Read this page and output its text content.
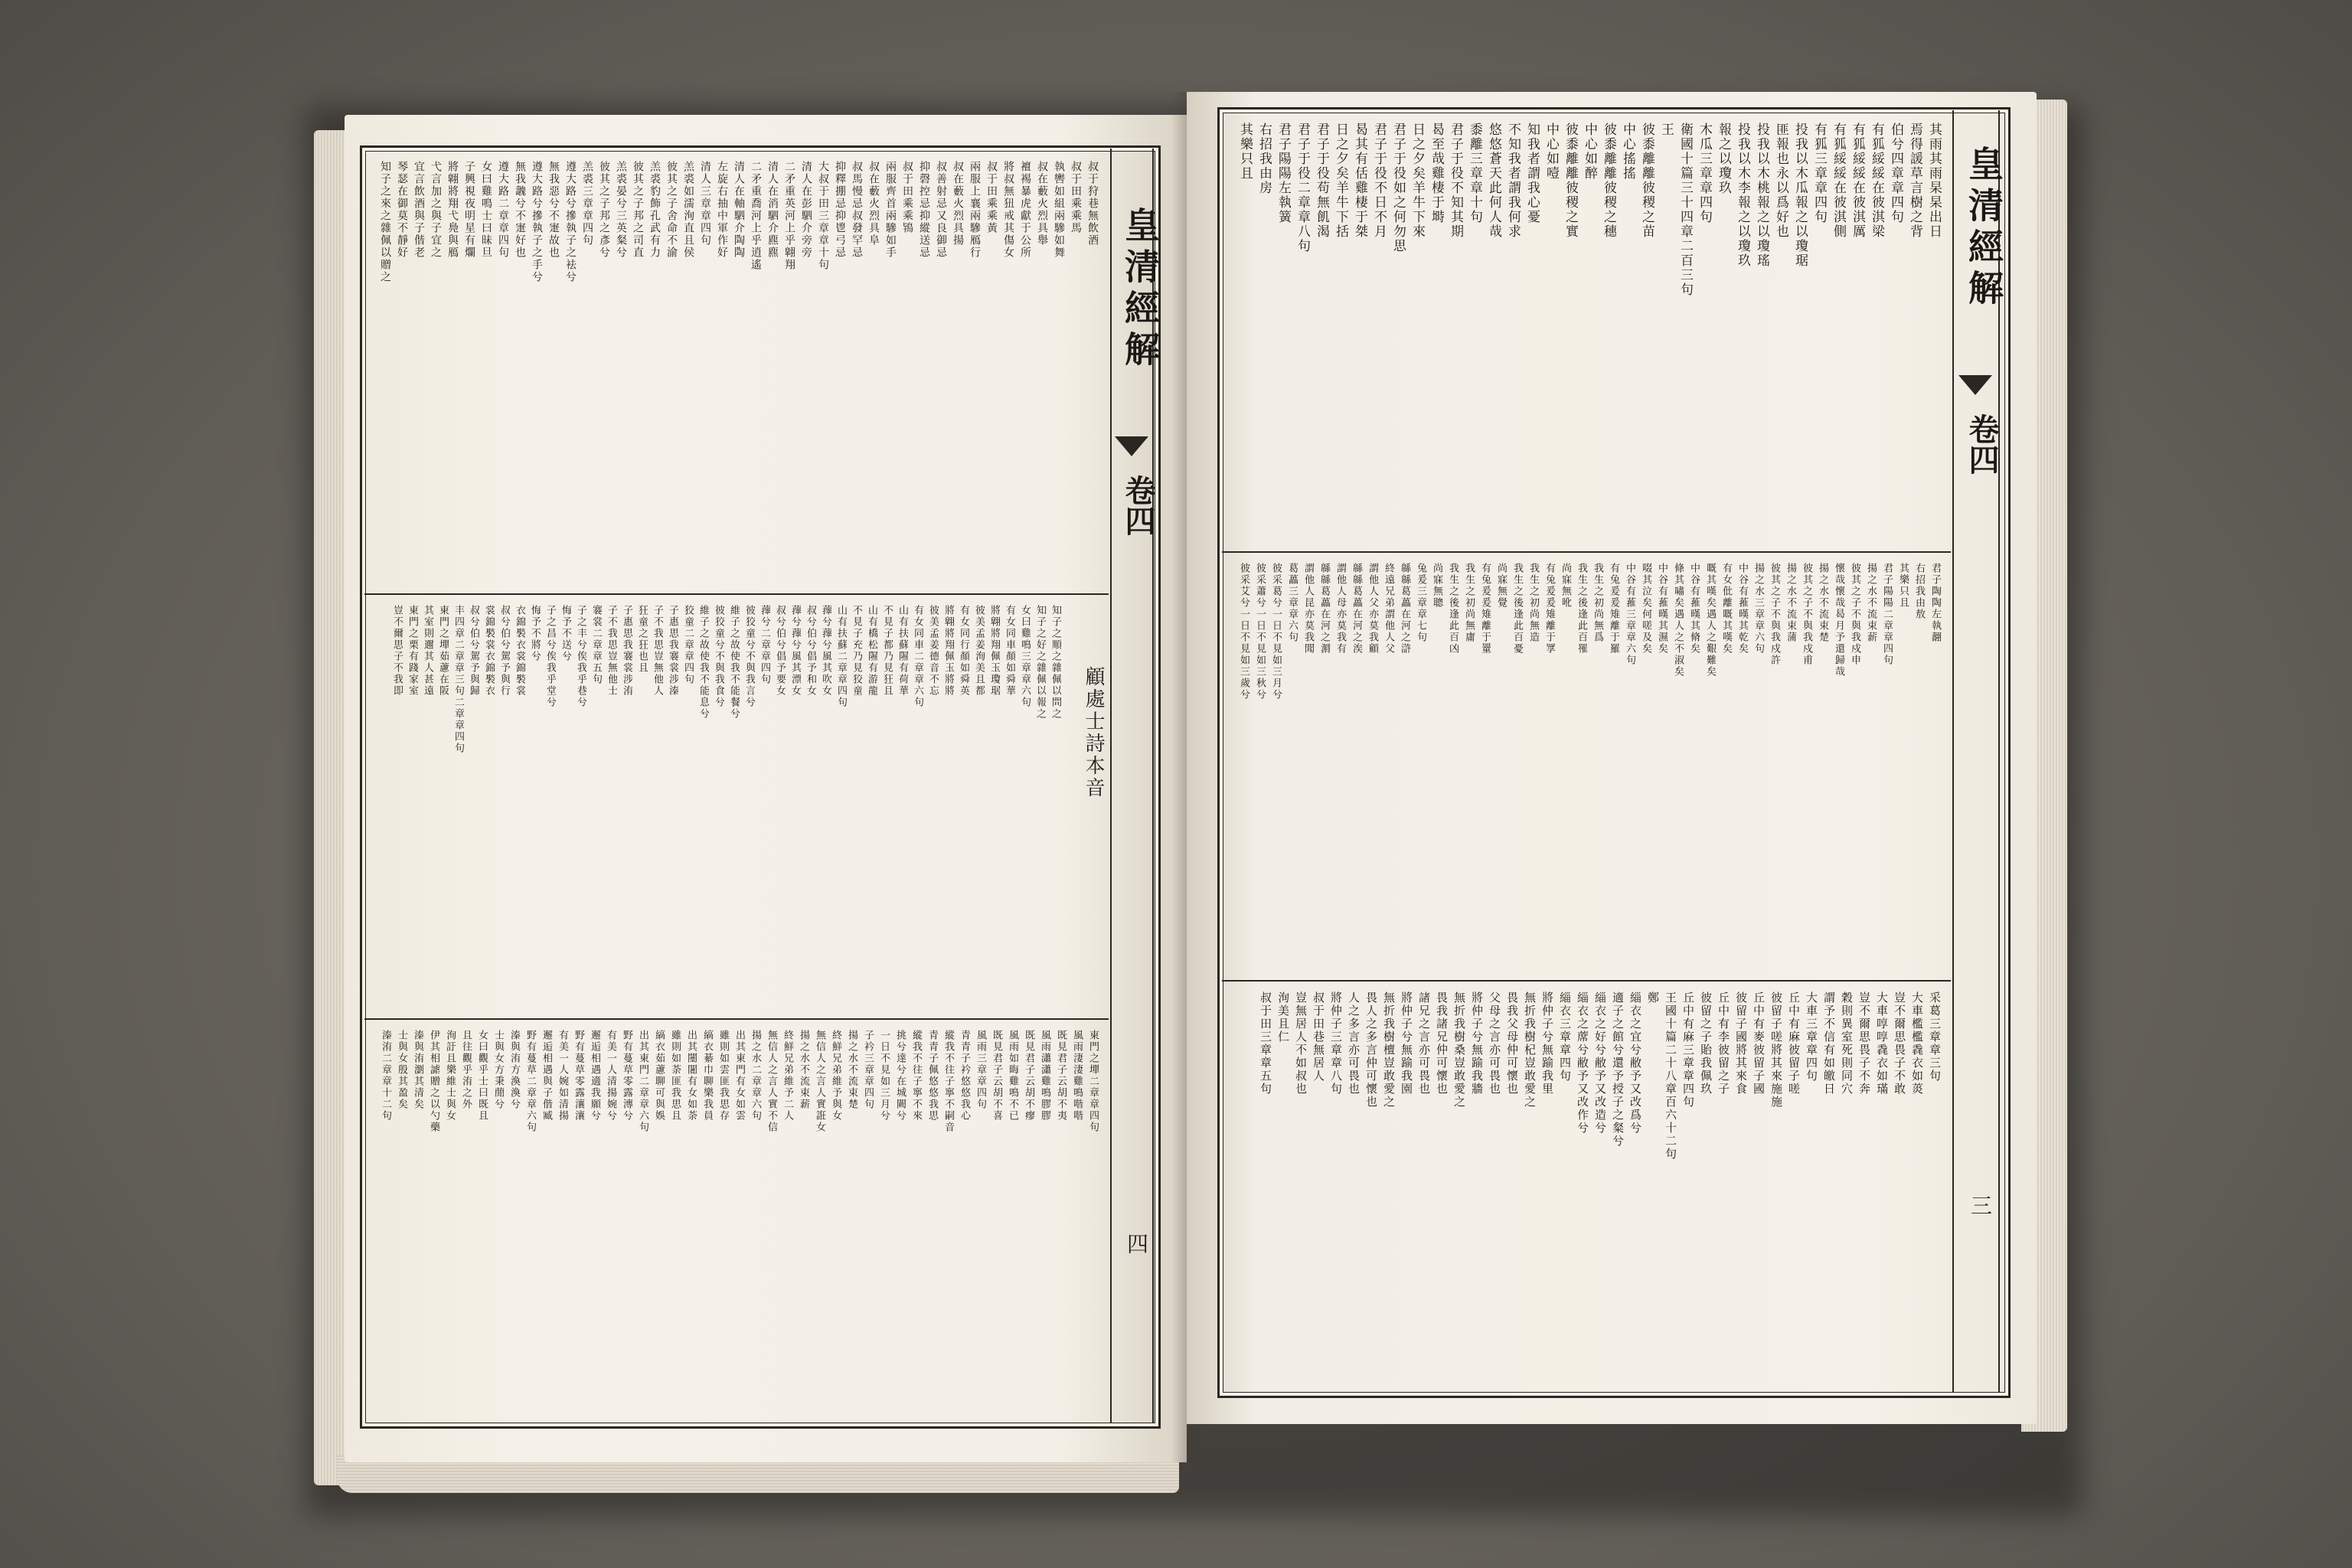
皇清經解
卷四
四
顧處士詩本音
叔于狩巷無飲酒
叔于田乘乘馬
執轡如組兩驂如舞
叔在藪火烈具舉
襢裼暴虎獻于公所
將叔無狃戒其傷女
叔于田乘乘黃
兩服上襄兩驂鴈行
叔在藪火烈具揚
叔善射忌又良御忌
抑磬控忌抑縱送忌
叔于田乘乘鴇
兩服齊首兩驂如手
叔在藪火烈具阜
叔馬慢忌叔發罕忌
抑釋掤忌抑鬯弓忌
大叔于田三章章十句
清人在彭駟介旁旁
二矛重英河上乎翺翔
清人在消駟介麃麃
二矛重喬河上乎逍遙
清人在軸駟介陶陶
左旋右抽中軍作好
清人三章章四句
羔裘如濡洵直且侯
彼其之子舍命不渝
羔裘豹飾孔武有力
彼其之子邦之司直
羔裘晏兮三英粲兮
彼其之子邦之彥兮
羔裘三章章四句
遵大路兮摻執子之袪兮
無我惡兮不寁故也
遵大路兮摻執子之手兮
無我魗兮不寁好也
遵大路二章章四句
女曰雞鳴士曰昧旦
子興視夜明星有爛
將翺將翔弋鳧與鴈
弋言加之與子宜之
宜言飲酒與子偕老
琴瑟在御莫不靜好
知子之來之雜佩以贈之
知子之順之雜佩以問之
知子之好之雜佩以報之
女曰雞鳴三章章六句
有女同車顏如舜華
將翺將翔佩玉瓊琚
彼美孟姜洵美且都
有女同行顏如舜英
將翺將翔佩玉將將
彼美孟姜德音不忘
有女同車二章章六句
山有扶蘇隰有荷華
不見子都乃見狂且
山有橋松隰有游龍
不見子充乃見狡童
山有扶蘇二章章四句
蘀兮蘀兮風其吹女
叔兮伯兮倡予和女
蘀兮蘀兮風其漂女
叔兮伯兮倡予要女
蘀兮二章章四句
彼狡童兮不與我言兮
維子之故使我不能餐兮
彼狡童兮不與我食兮
維子之故使我不能息兮
狡童二章章四句
子惠思我褰裳涉溱
子不我思豈無他人
狂童之狂也且
子惠思我褰裳涉洧
子不我思豈無他士
褰裳二章章五句
子之丰兮俟我乎巷兮
悔予不送兮
子之昌兮俟我乎堂兮
悔予不將兮
衣錦褧衣裳錦褧裳
叔兮伯兮駕予與行
裳錦褧裳衣錦褧衣
叔兮伯兮駕予與歸
丰四章二章章三句二章章四句
東門之墠茹藘在阪
其室則邇其人甚遠
東門之栗有踐家室
豈不爾思子不我即
東門之墠二章章四句
風雨淒淒雞鳴喈喈
既見君子云胡不夷
風雨瀟瀟雞鳴膠膠
既見君子云胡不瘳
風雨如晦雞鳴不已
既見君子云胡不喜
風雨三章章四句
青青子衿悠悠我心
縱我不往子寧不嗣音
青青子佩悠悠我思
縱我不往子寧不來
挑兮達兮在城闕兮
一日不見如三月兮
子衿三章章四句
揚之水不流束楚
終鮮兄弟維予與女
無信人之言人實誑女
揚之水不流束薪
終鮮兄弟維予二人
無信人之言人實不信
揚之水二章章六句
出其東門有女如雲
雖則如雲匪我思存
縞衣綦巾聊樂我員
出其闉闍有女如荼
雖則如荼匪我思且
縞衣茹藘聊可與娛
出其東門二章章六句
野有蔓草零露漙兮
有美一人清揚婉兮
邂逅相遇適我願兮
野有蔓草零露瀼瀼
有美一人婉如清揚
邂逅相遇與子偕臧
野有蔓草二章章六句
溱與洧方渙渙兮
士與女方秉蕑兮
女曰觀乎士曰既且
且往觀乎洧之外
洵訏且樂維士與女
伊其相謔贈之以勺藥
溱與洧瀏其清矣
士與女殷其盈矣
溱洧二章章十二句
皇清經解
卷四
三
其雨其雨杲杲出日
焉得諼草言樹之背
伯兮四章章四句
有狐綏綏在彼淇梁
有狐綏綏在彼淇厲
有狐綏綏在彼淇側
有狐三章章四句
投我以木瓜報之以瓊琚
匪報也永以爲好也
投我以木桃報之以瓊瑤
投我以木李報之以瓊玖
報之以瓊玖
木瓜三章章四句
衛國十篇三十四章二百三句
王
彼黍離離彼稷之苗
中心搖搖
彼黍離離彼稷之穗
中心如醉
彼黍離離彼稷之實
中心如噎
知我者謂我心憂
不知我者謂我何求
悠悠蒼天此何人哉
黍離三章章十句
君子于役不知其期
曷至哉雞棲于塒
日之夕矣羊牛下來
君子于役如之何勿思
君子于役不日不月
曷其有佸雞棲于桀
日之夕矣羊牛下括
君子于役苟無飢渴
君子于役二章章八句
君子陽陽左執簧
右招我由房
其樂只且
君子陶陶左執翿
右招我由敖
其樂只且
君子陽陽二章章四句
揚之水不流束薪
彼其之子不與我戍申
懷哉懷哉曷月予還歸哉
揚之水不流束楚
彼其之子不與我戍甫
揚之水不流束蒲
彼其之子不與我戍許
揚之水三章章六句
中谷有蓷暵其乾矣
有女仳離嘅其嘆矣
嘅其嘆矣遇人之艱難矣
中谷有蓷暵其脩矣
條其嘯矣遇人之不淑矣
中谷有蓷暵其濕矣
啜其泣矣何嗟及矣
中谷有蓷三章章六句
有兔爰爰雉離于羅
我生之初尚無爲
我生之後逢此百罹
尚寐無吪
有兔爰爰雉離于罦
我生之初尚無造
我生之後逢此百憂
尚寐無覺
有兔爰爰雉離于罿
我生之初尚無庸
我生之後逢此百凶
尚寐無聰
兔爰三章章七句
緜緜葛藟在河之滸
終遠兄弟謂他人父
謂他人父亦莫我顧
緜緜葛藟在河之涘
謂他人母亦莫我有
緜緜葛藟在河之漘
謂他人昆亦莫我聞
葛藟三章章六句
彼采葛兮一日不見如三月兮
彼采蕭兮一日不見如三秋兮
彼采艾兮一日不見如三歲兮
采葛三章章三句
大車檻檻毳衣如菼
豈不爾思畏子不敢
大車啍啍毳衣如璊
豈不爾思畏子不奔
穀則異室死則同穴
謂予不信有如皦日
大車三章章四句
丘中有麻彼留子嗟
彼留子嗟將其來施施
丘中有麥彼留子國
彼留子國將其來食
丘中有李彼留之子
彼留之子貽我佩玖
丘中有麻三章章四句
王國十篇二十八章百六十二句
鄭
緇衣之宜兮敝予又改爲兮
適子之館兮還予授子之粲兮
緇衣之好兮敝予又改造兮
緇衣之蓆兮敝予又改作兮
緇衣三章章四句
將仲子兮無踰我里
無折我樹杞豈敢愛之
畏我父母仲可懷也
父母之言亦可畏也
將仲子兮無踰我牆
無折我樹桑豈敢愛之
畏我諸兄仲可懷也
諸兄之言亦可畏也
將仲子兮無踰我園
無折我樹檀豈敢愛之
畏人之多言仲可懷也
人之多言亦可畏也
將仲子三章章八句
叔于田巷無居人
豈無居人不如叔也
洵美且仁
叔于田三章章五句
